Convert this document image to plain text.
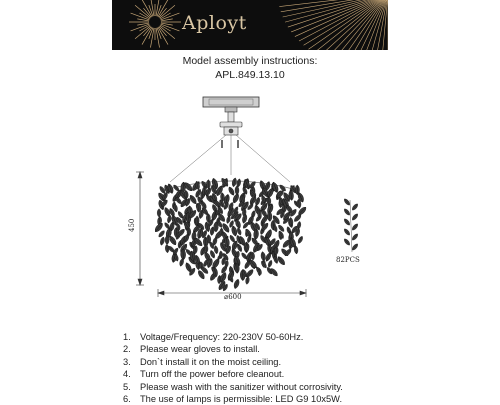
Aployt
Model assembly instructions:
APL.849.13.10
82PCS
450
⌀600
1. Voltage/Frequency: 220-230V 50-60Hz.
2. Please wear gloves to install.
3. Don`t install it on the moist ceiling.
4. Turn off the power before cleanout.
5. Please wash with the sanitizer without corrosivity.
6. The use of lamps is permissible: LED G9 10x5W.
